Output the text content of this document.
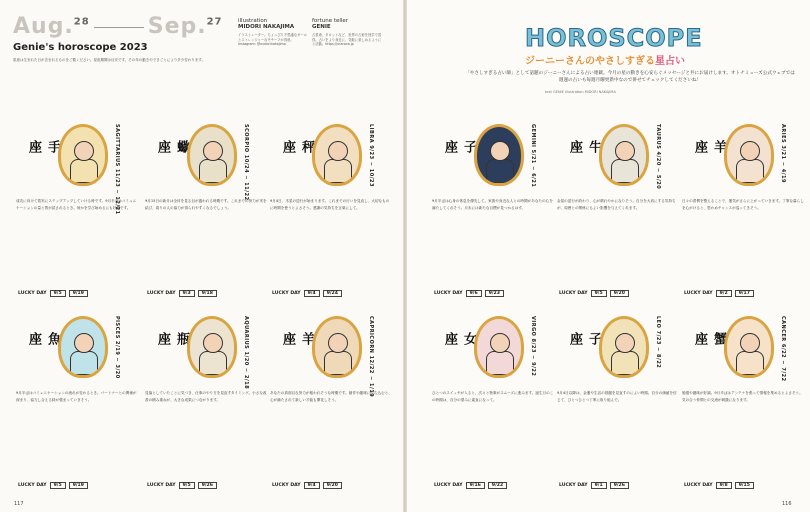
Aug.$^{28}$	Sep.$^{27}$
Genie's horoscope 2023
星座は生まれた日が含まれるものをご覧ください。星座期間は目安です。その年の動きやできごとにより多少変わります。
illustration
MIDORI NAKAJIMA
イラストレーター。ちょっぴり不思議なガールとストレンジャーなモチーフが得意。Instagram: @midorinakajima
fortune teller
GENIE
占星術、タロットなど、世界の占術を独学で習得。占いをより身近に、気軽に楽しめるようにと活動。https://uraraca.jp	HOROSCOPE
ジーニーさんのやさしすぎる星占い
「やさしすぎる占い師」として話題のジーニーさんによる占い連載。今月の星の動きを心安らぐメッセージと共にお届けします。オトナミューズ公式ウェブでは週運の占いも毎週月曜更新中なので併せてチェックしてくださいね！
text GENIE illustration MIDORI NAKAJIMA
手座	SAGITTARIUS 11/23 − 12/21
成功に向けて着実にステップアップしていける時です。9月半ばはコミュニケーションの量と質が試されるとき。何かを学び始めるにも好機です。
LUCKY DAY 9/5 9/19
蠍座	SCORPIO 10/24 − 11/22
9月15日の新月は全体を見る目が養われる時期です。これまでの努力が実を結び、周りの人の協力が得られやすくなるでしょう。
LUCKY DAY 9/3 9/18
秤座	LIBRA 9/23 − 10/23
9月4日、木星の逆行が始まります。これまでの行いを見直し、大切なものに時間を使うとよさそう。感謝の気持ちを言葉にして。
LUCKY DAY 9/4 9/24
子座	GEMINI 5/21 − 6/21
9月半ばは心身の休息を優先して。家族や身近な人との時間があなたの心を満たしてくれそう。月末には新たな目標が見つかるはず。
LUCKY DAY 9/6 9/23
牛座	TAURUS 4/20 − 5/20
金星の逆行が終わり、心が晴れやかになりそう。自分を大切にする気持ちが、周囲との関係にもよい影響を与えてくれます。
LUCKY DAY 9/5 9/20
羊座	ARIES 3/21 − 4/19
日々の習慣を整えることで、運気がさらに上がっていきます。丁寧な暮らしを心がけると、思わぬチャンスが巡ってきそう。
LUCKY DAY 9/2 9/17
魚座	PISCES 2/19 − 3/20
9月半ばはコミュニケーションの流れが変わるとき。パートナーとの関係が深まり、協力し合える絆が強まっていきそう。
LUCKY DAY 9/5 9/19
瓶座	AQUARIUS 1/20 − 2/18
見落としていたことに気づき、仕事のやり方を見直すタイミング。小さな改善の積み重ねが、大きな成果につながります。
LUCKY DAY 9/5 9/26
羊座	CAPRICORN 12/22 − 1/19
あなたの真面目な努力が報われそうな時期です。創作や趣味に打ち込むと、心が満たされて新しい才能も開花しそう。
LUCKY DAY 9/4 9/20
女座	VIRGO 8/23 − 9/22
ひとつのスイッチが入ると、次々と物事がスムーズに進みます。誕生月のこの時期は、自分の望みに素直になって。
LUCKY DAY 9/16 9/22
子座	LEO 7/23 − 8/22
9月4日以降は、金運や生活の基盤を見直すのによい時期。自分の価値を信じて、ひとつひとつ丁寧に取り組んで。
LUCKY DAY 9/1 9/26
蟹座	CANCER 6/22 − 7/22
勉強や趣味が好調。9月半ばはアンテナを張って情報を集めるとよさそう。気の合う仲間との交流が刺激になります。
LUCKY DAY 9/8 9/15
117	116
